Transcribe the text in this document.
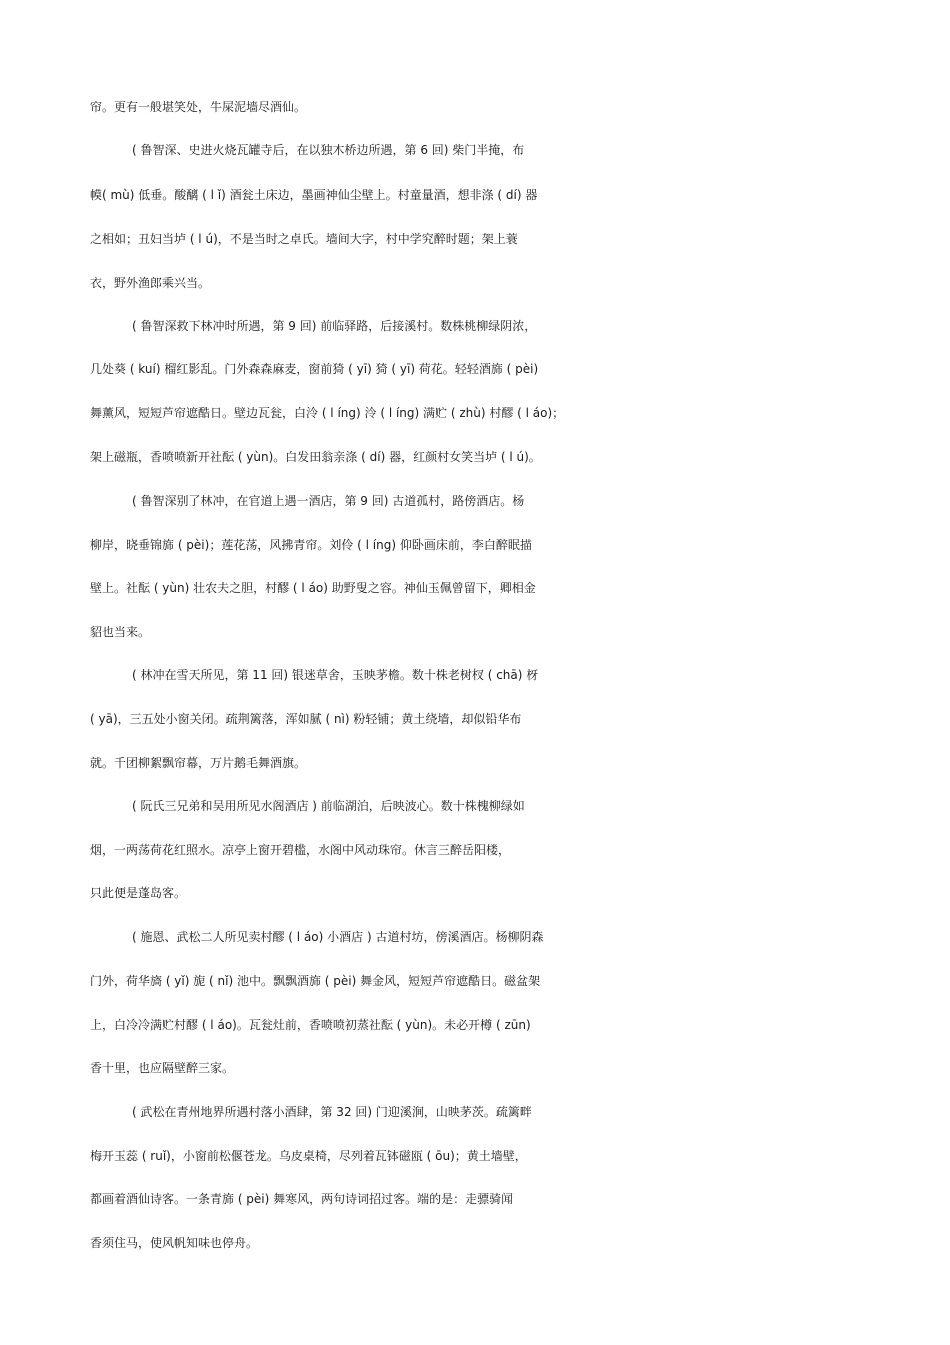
帘。更有一般堪笑处，牛屎泥墙尽酒仙。
( 鲁智深、史进火烧瓦罐寺后，在以独木桥边所遇，第 6 回) 柴门半掩，布
幙( mù) 低垂。酸醨 ( l ǐ) 酒瓮土床边，墨画神仙尘壁上。村童量酒，想非涤 ( dí) 器
之相如；丑妇当垆 ( l ú)，不是当时之卓氏。墙间大字，村中学究醉时题；架上蓑
衣，野外渔郎乘兴当。
( 鲁智深救下林冲时所遇，第 9 回) 前临驿路，后接溪村。数株桃柳绿阴浓，
几处葵 ( kuí) 榴红影乱。门外森森麻麦，窗前猗 ( yī) 猗 ( yī) 荷花。轻轻酒旆 ( pèi)
舞薰风，短短芦帘遮酷日。壁边瓦瓮，白泠 ( l íng) 泠 ( l íng) 满贮 ( zhù) 村醪 ( l áo)；
架上磁瓶，香喷喷新开社酝 ( yùn)。白发田翁亲涤 ( dí) 器，红颜村女笑当垆 ( l ú)。
( 鲁智深别了林冲，在官道上遇一酒店，第 9 回) 古道孤村，路傍酒店。杨
柳岸，晓垂锦旆 ( pèi)；莲花荡，风拂青帘。刘伶 ( l íng) 仰卧画床前，李白醉眠描
壁上。社酝 ( yùn) 壮农夫之胆，村醪 ( l áo) 助野叟之容。神仙玉佩曾留下，卿相金
貂也当来。
( 林冲在雪天所见，第 11 回) 银迷草舍，玉映茅檐。数十株老树杈 ( chā) 枒
( yā)，三五处小窗关闭。疏荆篱落，浑如腻 ( nì) 粉轻铺；黄土绕墙，却似铅华布
就。千团柳絮飘帘幕，万片鹅毛舞酒旗。
( 阮氏三兄弟和吴用所见水阁酒店 ) 前临湖泊，后映波心。数十株槐柳绿如
烟，一两荡荷花红照水。凉亭上窗开碧槛，水阁中风动珠帘。休言三醉岳阳楼，
只此便是蓬岛客。
( 施恩、武松二人所见卖村醪 ( l áo) 小酒店 ) 古道村坊，傍溪酒店。杨柳阴森
门外，荷华旖 ( yǐ) 旎 ( nǐ) 池中。飘飘酒旆 ( pèi) 舞金风，短短芦帘遮酷日。磁盆架
上，白冷冷满贮村醪 ( l áo)。瓦瓮灶前，香喷喷初蒸社酝 ( yùn)。未必开樽 ( zūn)
香十里，也应隔壁醉三家。
( 武松在青州地界所遇村落小酒肆，第 32 回) 门迎溪涧，山映茅茨。疏篱畔
梅开玉蕊 ( ruǐ)，小窗前松偃苍龙。乌皮桌椅，尽列着瓦钵磁瓯 ( ōu)；黄土墙壁，
都画着酒仙诗客。一条青旆 ( pèi) 舞寒风，两句诗词招过客。端的是：走骠骑闻
香须住马，使风帆知味也停舟。
